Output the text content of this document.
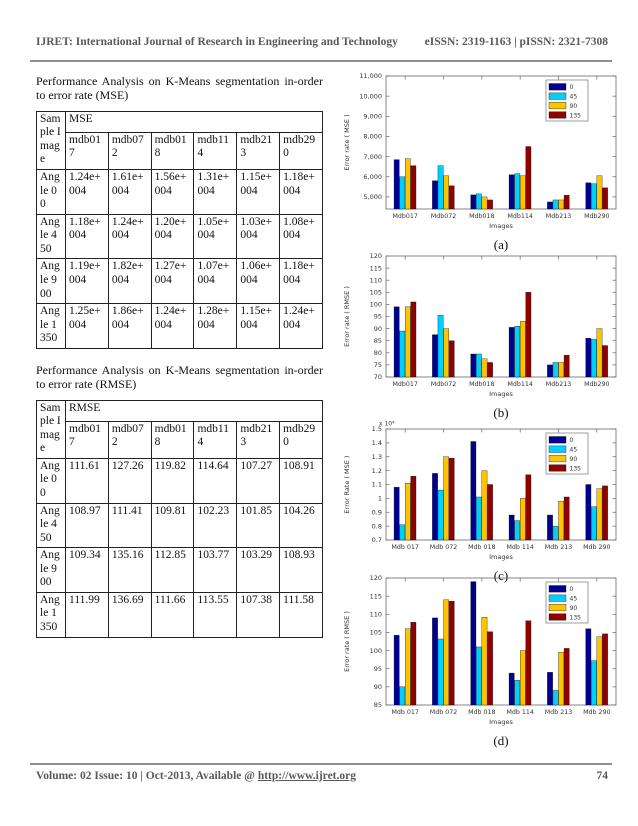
IJRET: International Journal of Research in Engineering and Technology eISSN: 2319-1163 | pISSN: 2321-7308

Performance Analysis on K-Means segmentation in-order to error rate (MSE)

Sample Image	MSE					
	mdb017	mdb072	mdb018	mdb114	mdb213	mdb290
Angle 00	1.24e+004	1.61e+004	1.56e+004	1.31e+004	1.15e+004	1.18e+004
Angle 450	1.18e+004	1.24e+004	1.20e+004	1.05e+004	1.03e+004	1.08e+004
Angle 900	1.19e+004	1.82e+004	1.27e+004	1.07e+004	1.06e+004	1.18e+004
Angle 1350	1.25e+004	1.86e+004	1.24e+004	1.28e+004	1.15e+004	1.24e+004

Performance Analysis on K-Means segmentation in-order to error rate (RMSE)

Sample Image	RMSE					
	mdb017	mdb072	mdb018	mdb114	mdb213	mdb290
Angle 00	111.61	127.26	119.82	114.64	107.27	108.91
Angle 450	108.97	111.41	109.81	102.23	101.85	104.26
Angle 900	109.34	135.16	112.85	103.77	103.29	108.93
Angle 1350	111.99	136.69	111.66	113.55	107.38	111.58
5,000
6,000
7,000
8,000
9,000
10,000
11,000
Mdb017 Mdb072 Mdb018 Mdb114 Mdb213 Mdb290
Images
Error rate ( MSE )
0
45
90
135
(a)
70
75
80
85
90
95
100
105
110
115
120
Mdb017 Mdb072 Mdb018 Mdb114 Mdb213 Mdb290
Images
Error rate ( RMSE )
(b)
0.7
0.8
0.9
1
1.1
1.2
1.3
1.4
1.5
Mdb 017 Mdb 072 Mdb 018 Mdb 114 Mdb 213 Mdb 290
Images
Error Rate ( MSE )
x 10⁴
0
45
90
135
(c)
85
90
95
100
105
110
115
120
Mdb 017 Mdb 072 Mdb 018 Mdb 114 Mdb 213 Mdb 290
Images
Error rate ( RMSE )
0
45
90
135
(d)
Volume: 02 Issue: 10 | Oct-2013, Available @ http://www.ijret.org	74
